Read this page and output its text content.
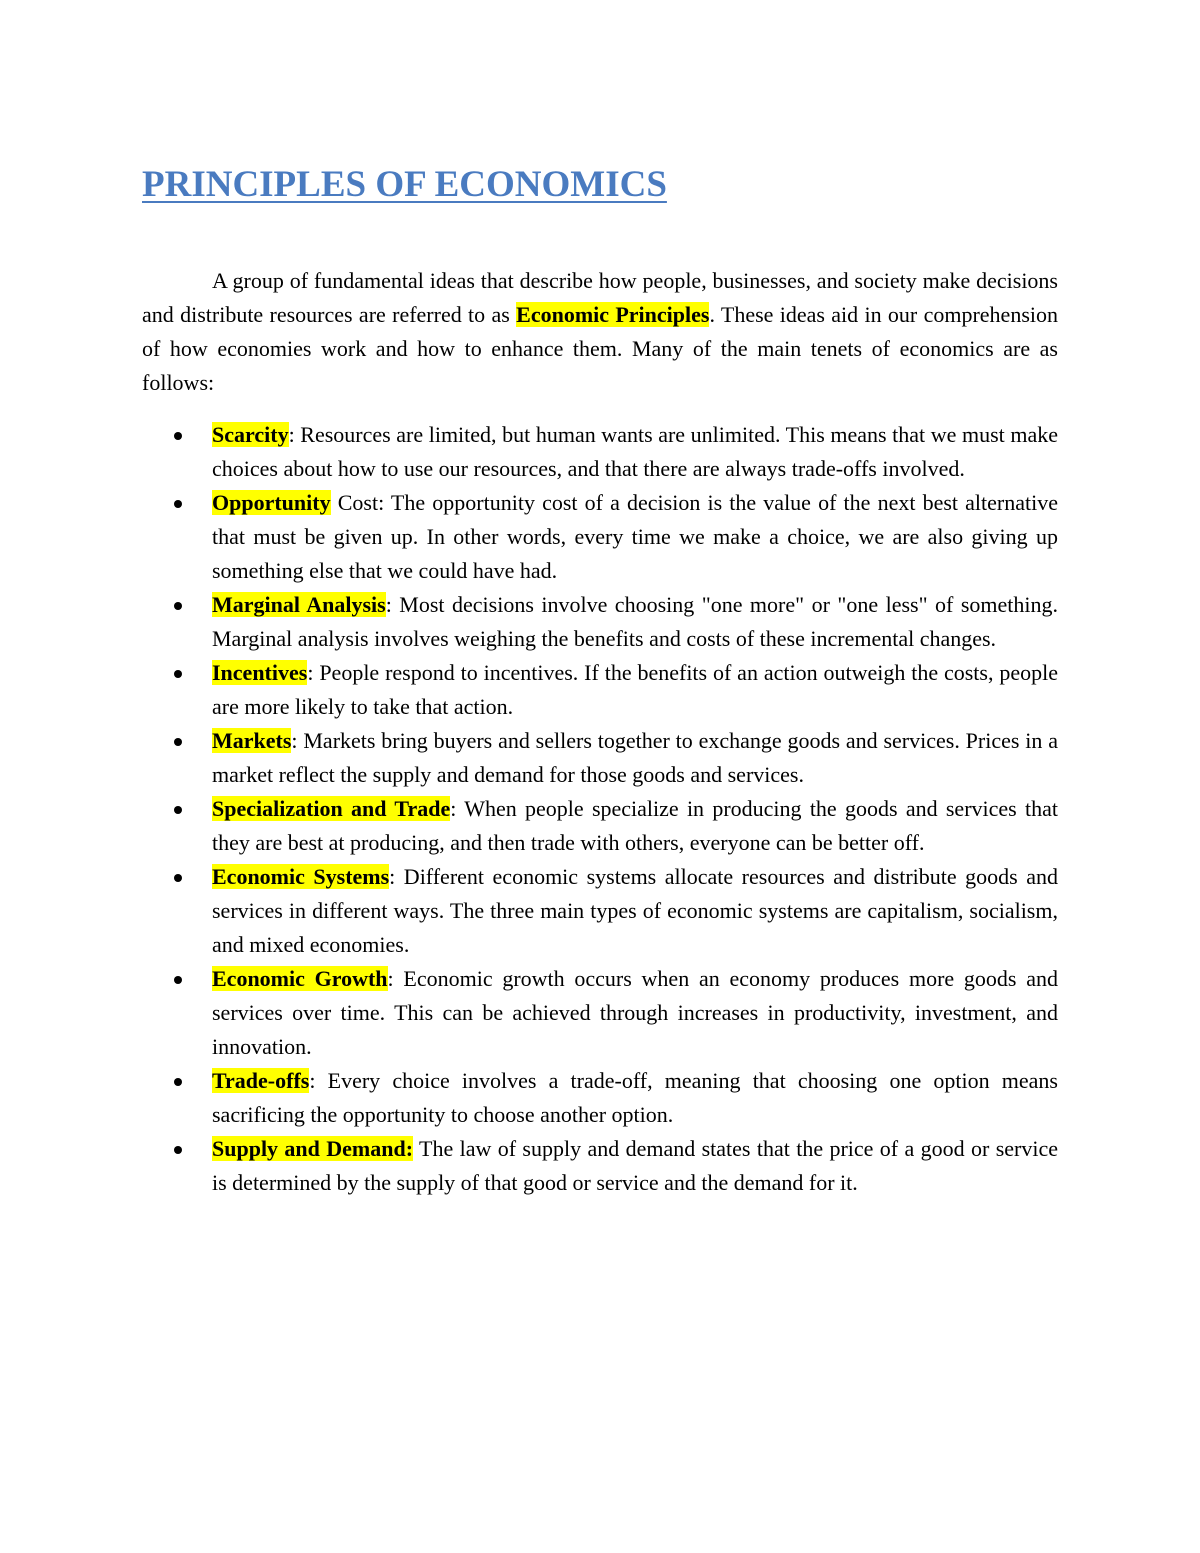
PRINCIPLES OF ECONOMICS

A group of fundamental ideas that describe how people, businesses, and society make decisions and distribute resources are referred to as Economic Principles. These ideas aid in our comprehension of how economies work and how to enhance them. Many of the main tenets of economics are as follows:

Scarcity: Resources are limited, but human wants are unlimited. This means that we must make choices about how to use our resources, and that there are always trade-offs involved.
Opportunity Cost: The opportunity cost of a decision is the value of the next best alternative that must be given up. In other words, every time we make a choice, we are also giving up something else that we could have had.
Marginal Analysis: Most decisions involve choosing "one more" or "one less" of something. Marginal analysis involves weighing the benefits and costs of these incremental changes.
Incentives: People respond to incentives. If the benefits of an action outweigh the costs, people are more likely to take that action.
Markets: Markets bring buyers and sellers together to exchange goods and services. Prices in a market reflect the supply and demand for those goods and services.
Specialization and Trade: When people specialize in producing the goods and services that they are best at producing, and then trade with others, everyone can be better off.
Economic Systems: Different economic systems allocate resources and distribute goods and services in different ways. The three main types of economic systems are capitalism, socialism, and mixed economies.
Economic Growth: Economic growth occurs when an economy produces more goods and services over time. This can be achieved through increases in productivity, investment, and innovation.
Trade-offs: Every choice involves a trade-off, meaning that choosing one option means sacrificing the opportunity to choose another option.
Supply and Demand: The law of supply and demand states that the price of a good or service is determined by the supply of that good or service and the demand for it.
